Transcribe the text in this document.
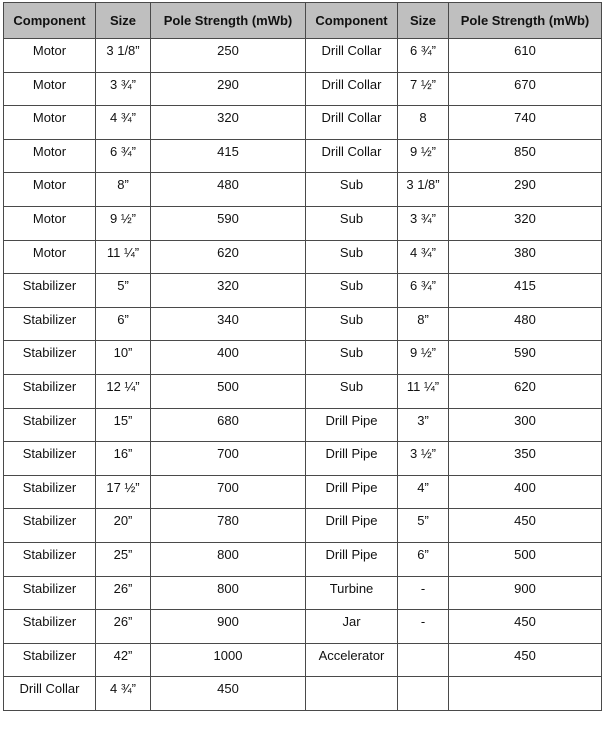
Component	Size	Pole Strength (mWb)	Component	Size	Pole Strength (mWb)
Motor	3 1/8”	250	Drill Collar	6 ¾”	610
Motor	3 ¾”	290	Drill Collar	7 ½”	670
Motor	4 ¾”	320	Drill Collar	8	740
Motor	6 ¾”	415	Drill Collar	9 ½”	850
Motor	8”	480	Sub	3 1/8”	290
Motor	9 ½”	590	Sub	3 ¾”	320
Motor	11 ¼”	620	Sub	4 ¾”	380
Stabilizer	5”	320	Sub	6 ¾”	415
Stabilizer	6”	340	Sub	8”	480
Stabilizer	10”	400	Sub	9 ½”	590
Stabilizer	12 ¼”	500	Sub	11 ¼”	620
Stabilizer	15”	680	Drill Pipe	3”	300
Stabilizer	16”	700	Drill Pipe	3 ½”	350
Stabilizer	17 ½”	700	Drill Pipe	4”	400
Stabilizer	20”	780	Drill Pipe	5”	450
Stabilizer	25”	800	Drill Pipe	6”	500
Stabilizer	26”	800	Turbine	-	900
Stabilizer	26”	900	Jar	-	450
Stabilizer	42”	1000	Accelerator		450
Drill Collar	4 ¾”	450			
